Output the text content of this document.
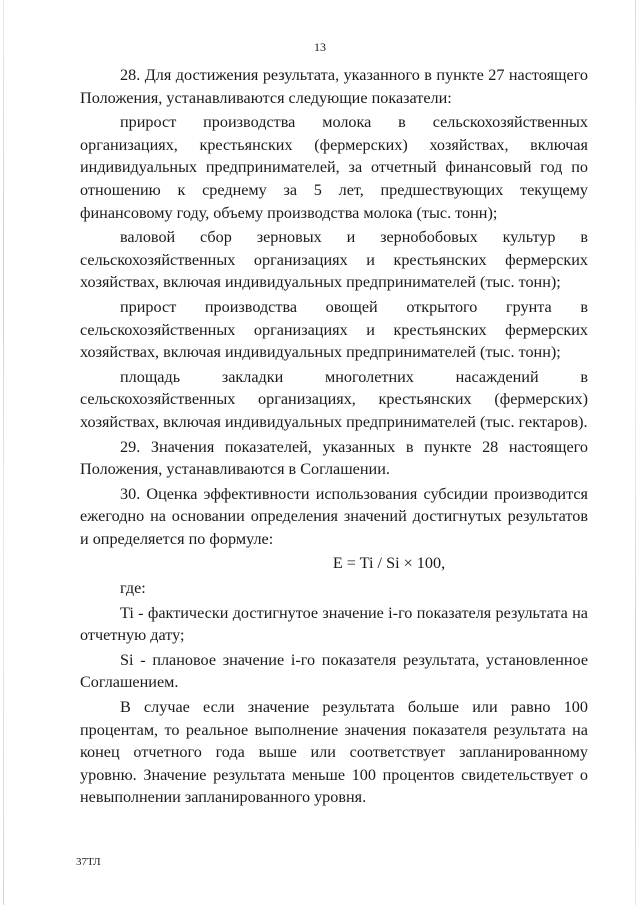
13

28. Для достижения результата, указанного в пункте 27 настоящего Положения, устанавливаются следующие показатели:

прирост производства молока в сельскохозяйственных организациях, крестьянских (фермерских) хозяйствах, включая индивидуальных предпринимателей, за отчетный финансовый год по отношению к среднему за 5 лет, предшествующих текущему финансовому году, объему производства молока (тыс. тонн);

валовой сбор зерновых и зернобобовых культур в сельскохозяйственных организациях и крестьянских фермерских хозяйствах, включая индивидуальных предпринимателей (тыс. тонн);

прирост производства овощей открытого грунта в сельскохозяйственных организациях и крестьянских фермерских хозяйствах, включая индивидуальных предпринимателей (тыс. тонн);

площадь закладки многолетних насаждений в сельскохозяйственных организациях, крестьянских (фермерских) хозяйствах, включая индивидуальных предпринимателей (тыс. гектаров).

29. Значения показателей, указанных в пункте 28 настоящего Положения, устанавливаются в Соглашении.

30. Оценка эффективности использования субсидии производится ежегодно на основании определения значений достигнутых результатов и определяется по формуле:

E = Ti / Si × 100,

где:

Ti - фактически достигнутое значение i-го показателя результата на отчетную дату;

Si - плановое значение i-го показателя результата, установленное Соглашением.

В случае если значение результата больше или равно 100 процентам, то реальное выполнение значения показателя результата на конец отчетного года выше или соответствует запланированному уровню. Значение результата меньше 100 процентов свидетельствует о невыполнении запланированного уровня.

37ТЛ
